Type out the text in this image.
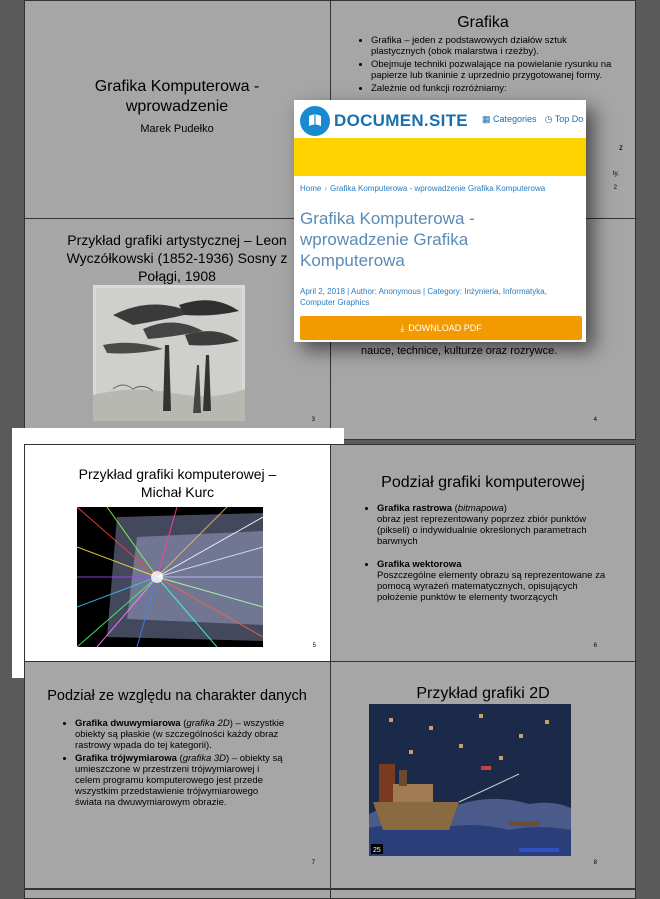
Grafika Komputerowa - wprowadzenie
Marek Pudełko
Grafika
• Grafika – jeden z podstawowych działów sztuk plastycznych (obok malarstwa i rzeźby).
• Obejmuje techniki pozwalające na powielanie rysunku na papierze lub tkaninie z uprzednio przygotowanej formy.
• Zależnie od funkcji rozróżniamy:
z
ty,
2
Przykład grafiki artystycznej – Leon Wyczółkowski (1852-1936) Sosny z Połągi, 1908
3
nauce, technice, kulturze oraz rozrywce.
4
Przykład grafiki komputerowej – Michał Kurc
5
Podział grafiki komputerowej
• Grafika rastrowa (bitmapowa)
obraz jest reprezentowany poprzez zbiór punktów (pikseli) o indywidualnie określonych parametrach barwnych
• Grafika wektorowa
Poszczególne elementy obrazu są reprezentowane za pomocą wyrażeń matematycznych, opisujących położenie punktów te elementy tworzących
6
Podział ze względu na charakter danych
• Grafika dwuwymiarowa (grafika 2D) – wszystkie obiekty są płaskie (w szczególności każdy obraz rastrowy wpada do tej kategorii).
• Grafika trójwymiarowa (grafika 3D) – obiekty są umieszczone w przestrzeni trójwymiarowej i celem programu komputerowego jest przede wszystkim przedstawienie trójwymiarowego świata na dwuwymiarowym obrazie.
7
Przykład grafiki 2D
25
8
DOCUMEN.SITE ▦ Categories ◷ Top Do
Home › Grafika Komputerowa - wprowadzenie Grafika Komputerowa
Grafika Komputerowa - wprowadzenie Grafika Komputerowa
April 2, 2018 | Author: Anonymous | Category: Inżynieria, Informatyka, Computer Graphics
⤓ DOWNLOAD PDF
